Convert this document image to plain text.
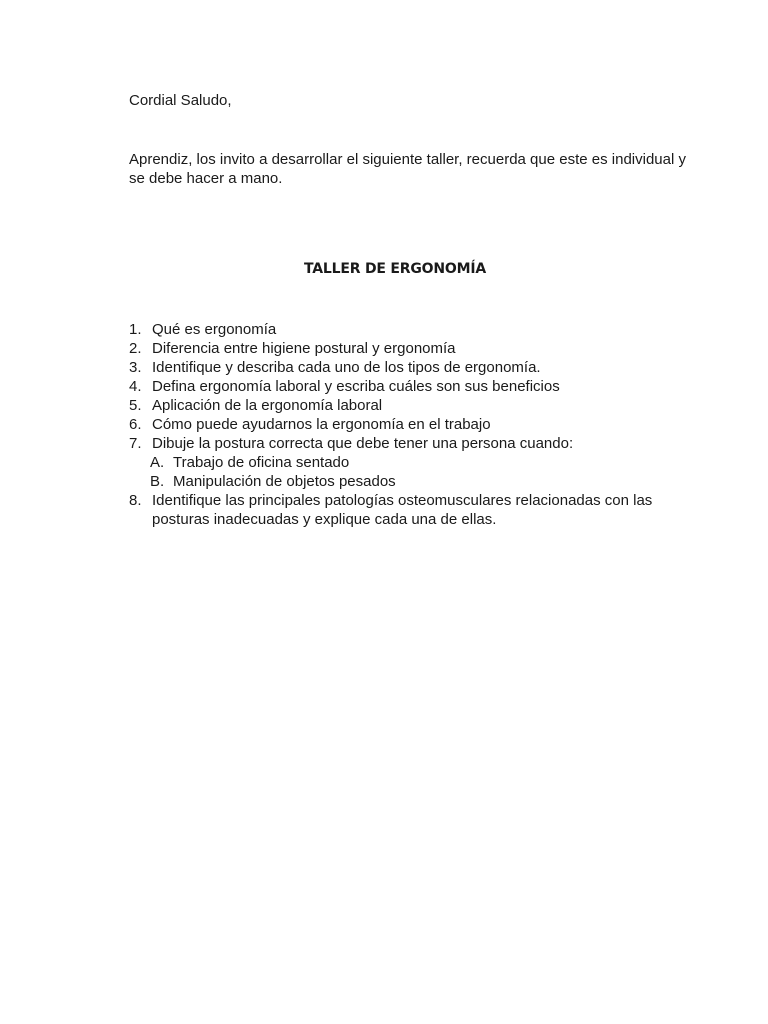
Cordial Saludo,

Aprendiz, los invito a desarrollar el siguiente taller, recuerda que este es individual y se debe hacer a mano.

TALLER DE ERGONOMÍA
1. Qué es ergonomía
2. Diferencia entre higiene postural y ergonomía
3. Identifique y describa cada uno de los tipos de ergonomía.
4. Defina ergonomía laboral y escriba cuáles son sus beneficios
5. Aplicación de la ergonomía laboral
6. Cómo puede ayudarnos la ergonomía en el trabajo
7. Dibuje la postura correcta que debe tener una persona cuando:
A. Trabajo de oficina sentado
B. Manipulación de objetos pesados
8. Identifique las principales patologías osteomusculares relacionadas con las posturas inadecuadas y explique cada una de ellas.
